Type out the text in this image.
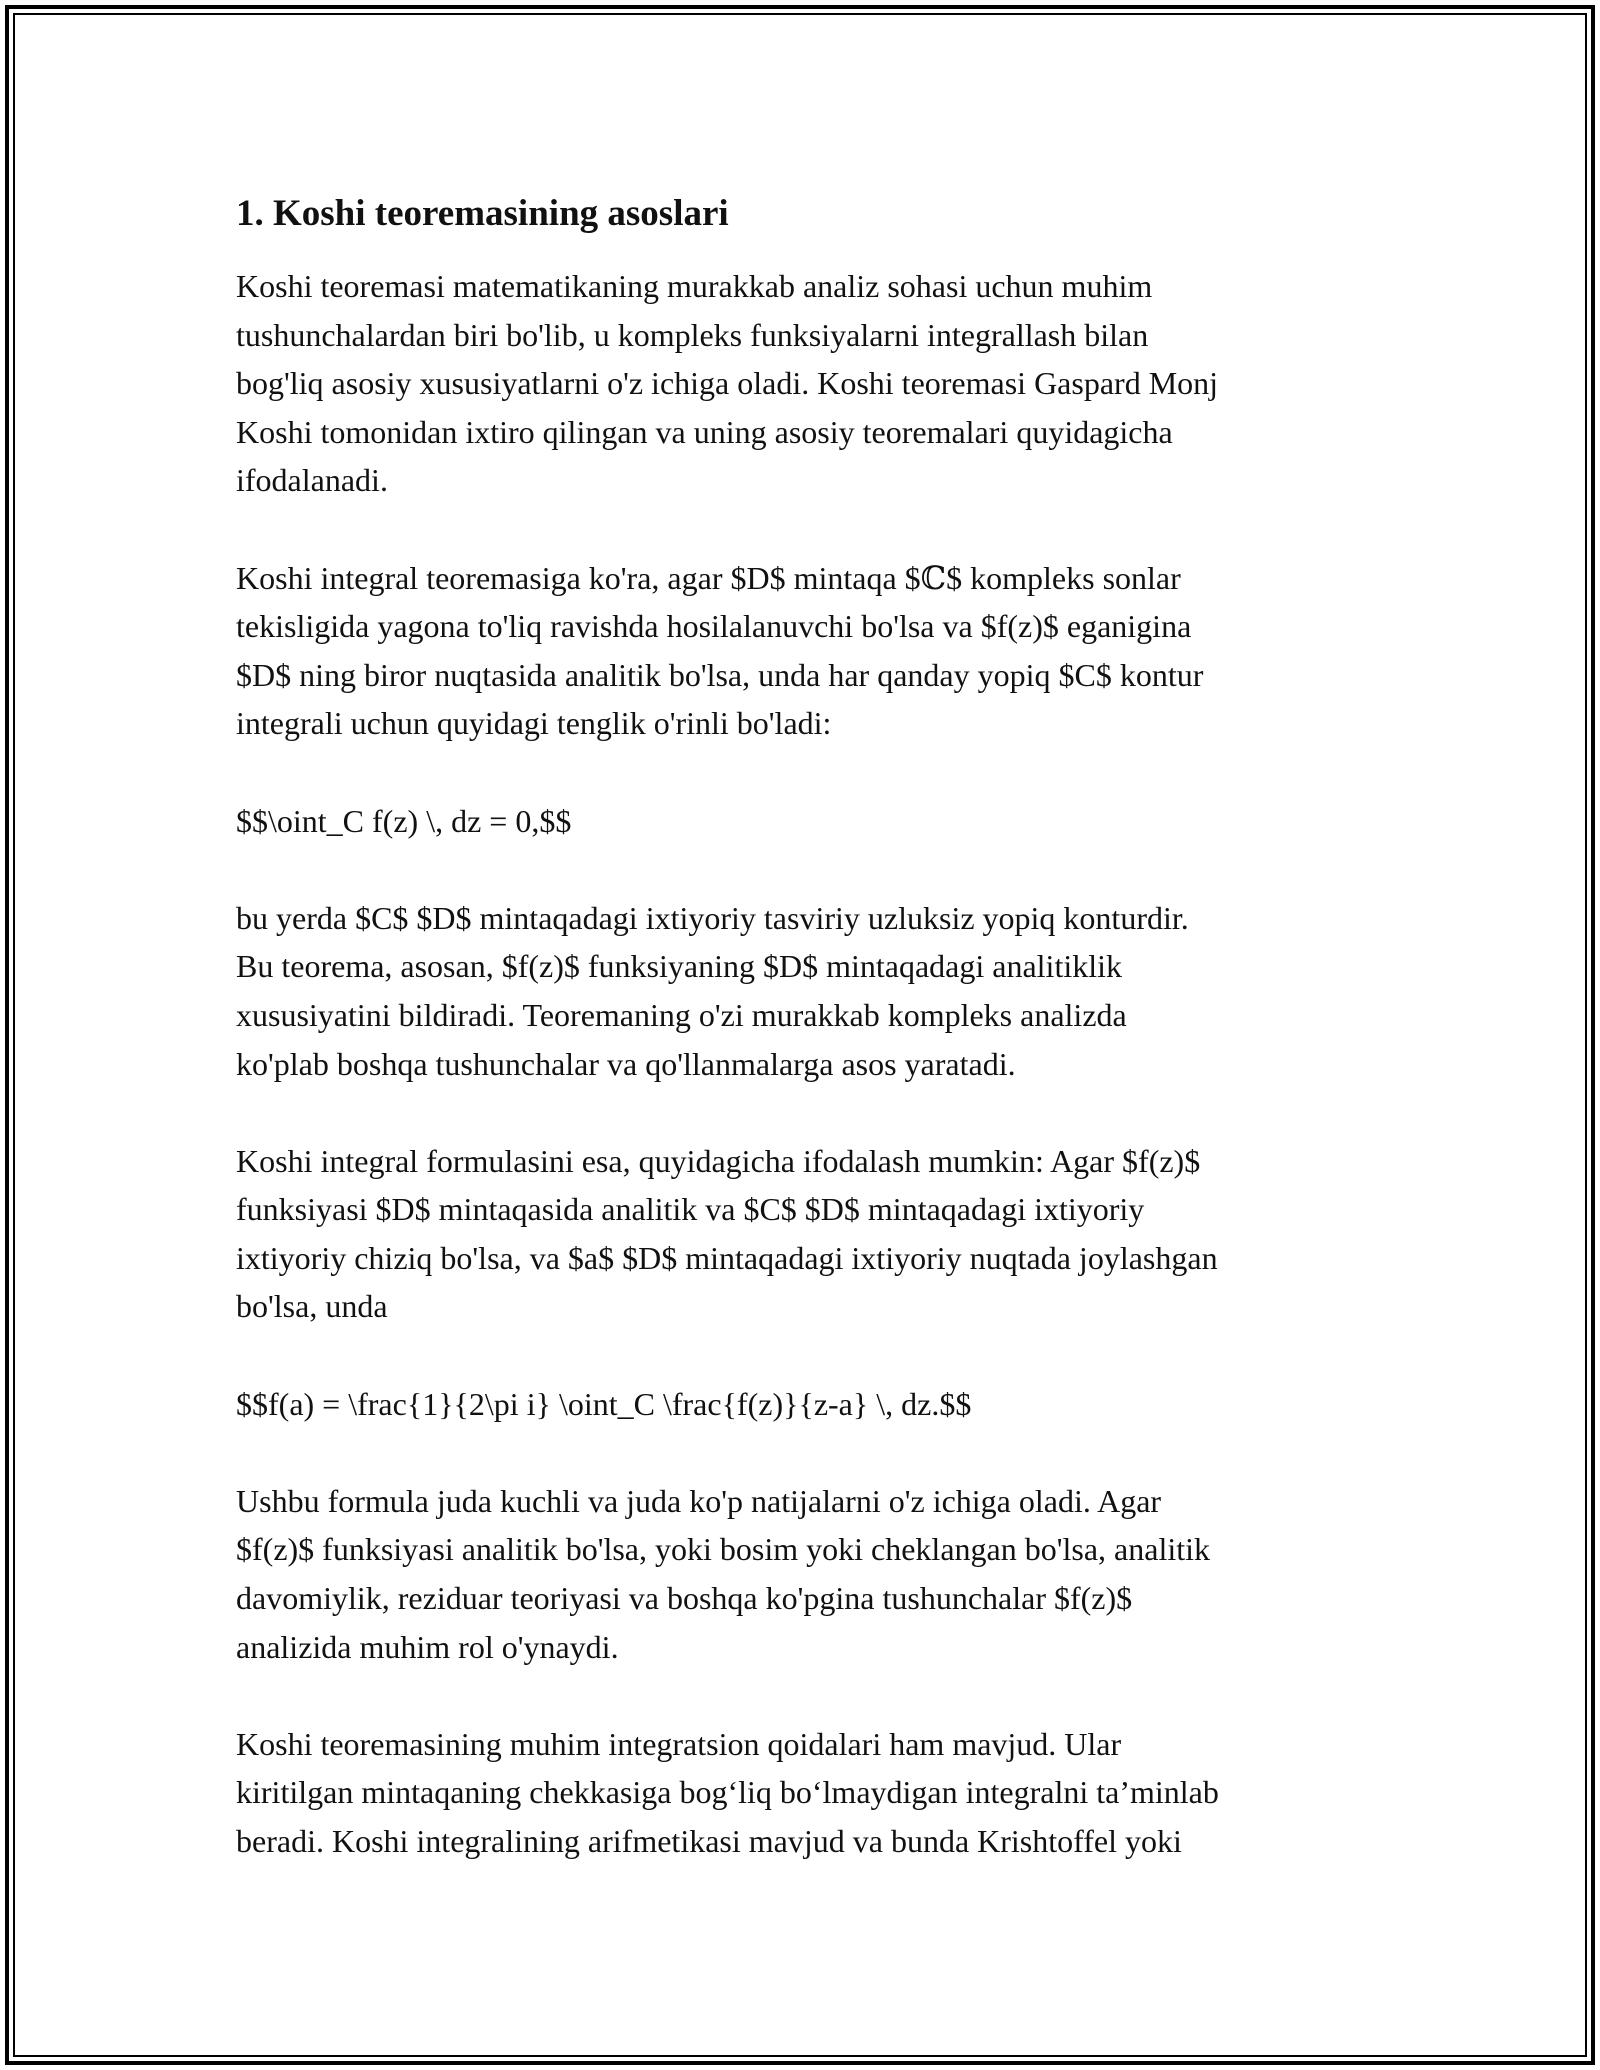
1. Koshi teoremasining asoslari
Koshi teoremasi matematikaning murakkab analiz sohasi uchun muhim
tushunchalardan biri bo'lib, u kompleks funksiyalarni integrallash bilan
bog'liq asosiy xususiyatlarni o'z ichiga oladi. Koshi teoremasi Gaspard Monj
Koshi tomonidan ixtiro qilingan va uning asosiy teoremalari quyidagicha
ifodalanadi.
Koshi integral teoremasiga ko'ra, agar $D$ mintaqa $ℂ$ kompleks sonlar
tekisligida yagona to'liq ravishda hosilalanuvchi bo'lsa va $f(z)$ eganigina
$D$ ning biror nuqtasida analitik bo'lsa, unda har qanday yopiq $C$ kontur
integrali uchun quyidagi tenglik o'rinli bo'ladi:
$$\oint_C f(z) \, dz = 0,$$
bu yerda $C$ $D$ mintaqadagi ixtiyoriy tasviriy uzluksiz yopiq konturdir.
Bu teorema, asosan, $f(z)$ funksiyaning $D$ mintaqadagi analitiklik
xususiyatini bildiradi. Teoremaning o'zi murakkab kompleks analizda
ko'plab boshqa tushunchalar va qo'llanmalarga asos yaratadi.
Koshi integral formulasini esa, quyidagicha ifodalash mumkin: Agar $f(z)$
funksiyasi $D$ mintaqasida analitik va $C$ $D$ mintaqadagi ixtiyoriy
ixtiyoriy chiziq bo'lsa, va $a$ $D$ mintaqadagi ixtiyoriy nuqtada joylashgan
bo'lsa, unda
$$f(a) = \frac{1}{2\pi i} \oint_C \frac{f(z)}{z-a} \, dz.$$
Ushbu formula juda kuchli va juda ko'p natijalarni o'z ichiga oladi. Agar
$f(z)$ funksiyasi analitik bo'lsa, yoki bosim yoki cheklangan bo'lsa, analitik
davomiylik, reziduar teoriyasi va boshqa ko'pgina tushunchalar $f(z)$
analizida muhim rol o'ynaydi.
Koshi teoremasining muhim integratsion qoidalari ham mavjud. Ular
kiritilgan mintaqaning chekkasiga bog‘liq bo‘lmaydigan integralni ta’minlab
beradi. Koshi integralining arifmetikasi mavjud va bunda Krishtoffel yoki
